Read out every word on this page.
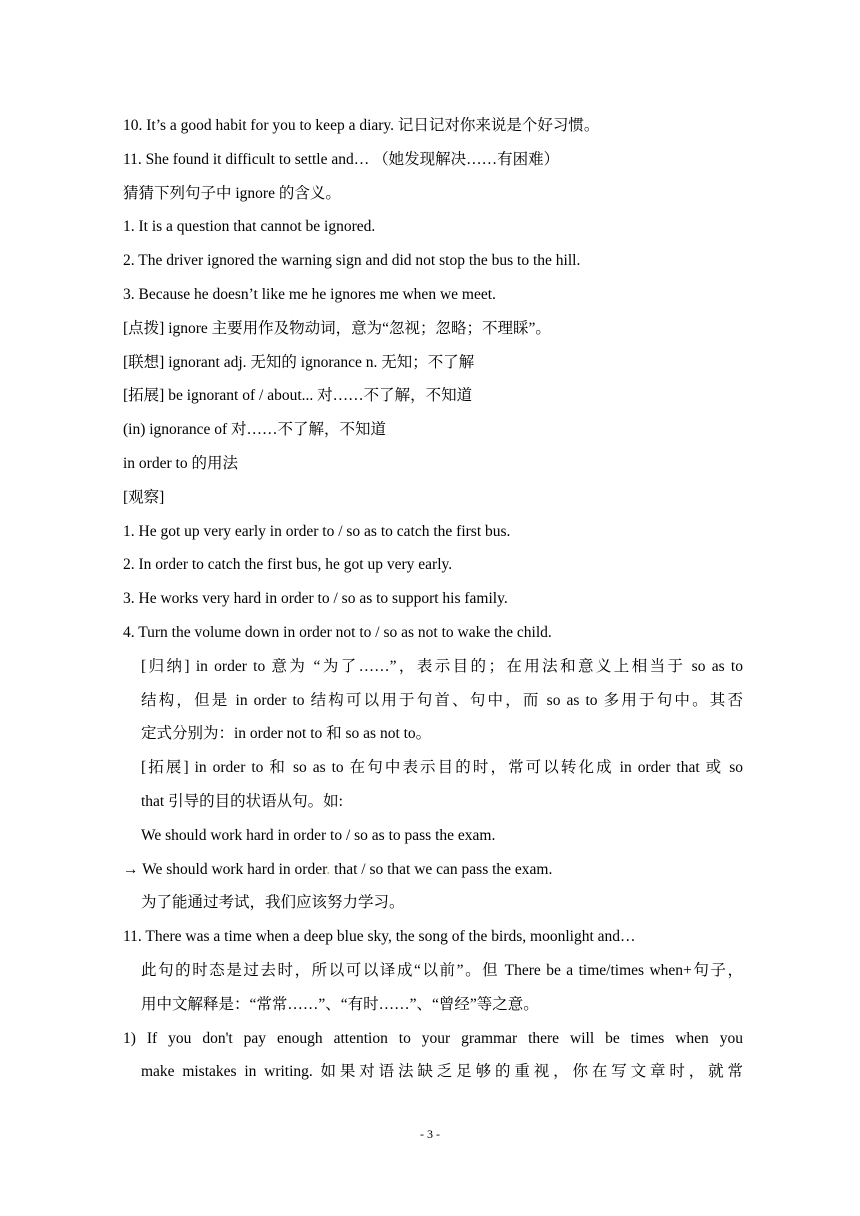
10. It’s a good habit for you to keep a diary. 记日记对你来说是个好习惯。
11. She found it difficult to settle and… （她发现解决……有困难）
猜猜下列句子中 ignore 的含义。
1. It is a question that cannot be ignored.
2. The driver ignored the warning sign and did not stop the bus to the hill.
3. Because he doesn’t like me he ignores me when we meet.
[点拨] ignore 主要用作及物动词，意为“忽视；忽略；不理睬”。
[联想] ignorant adj. 无知的 ignorance n. 无知；不了解
[拓展] be ignorant of / about... 对……不了解，不知道
(in) ignorance of 对……不了解，不知道
in order to 的用法
[观察]
1. He got up very early in order to / so as to catch the first bus.
2. In order to catch the first bus, he got up very early.
3. He works very hard in order to / so as to support his family.
4. Turn the volume down in order not to / so as not to wake the child.
[归纳] in order to 意为 “为了……”，表示目的；在用法和意义上相当于 so as to
结构，但是 in order to 结构可以用于句首、句中，而 so as to 多用于句中。其否
定式分别为：in order not to 和 so as not to。
[拓展] in order to 和 so as to 在句中表示目的时，常可以转化成 in order that 或 so
that 引导的目的状语从句。如:
We should work hard in order to / so as to pass the exam.
→ We should work hard in order. that / so that we can pass the exam.
为了能通过考试，我们应该努力学习。
11. There was a time when a deep blue sky, the song of the birds, moonlight and…
此句的时态是过去时，所以可以译成“以前”。但 There be a time/times when+句子，
用中文解释是：“常常……”、“有时……”、“曾经”等之意。
1) If you don't pay enough attention to your grammar there will be times when you
make mistakes in writing. 如果对语法缺乏足够的重视，你在写文章时，就常
- 3 -
